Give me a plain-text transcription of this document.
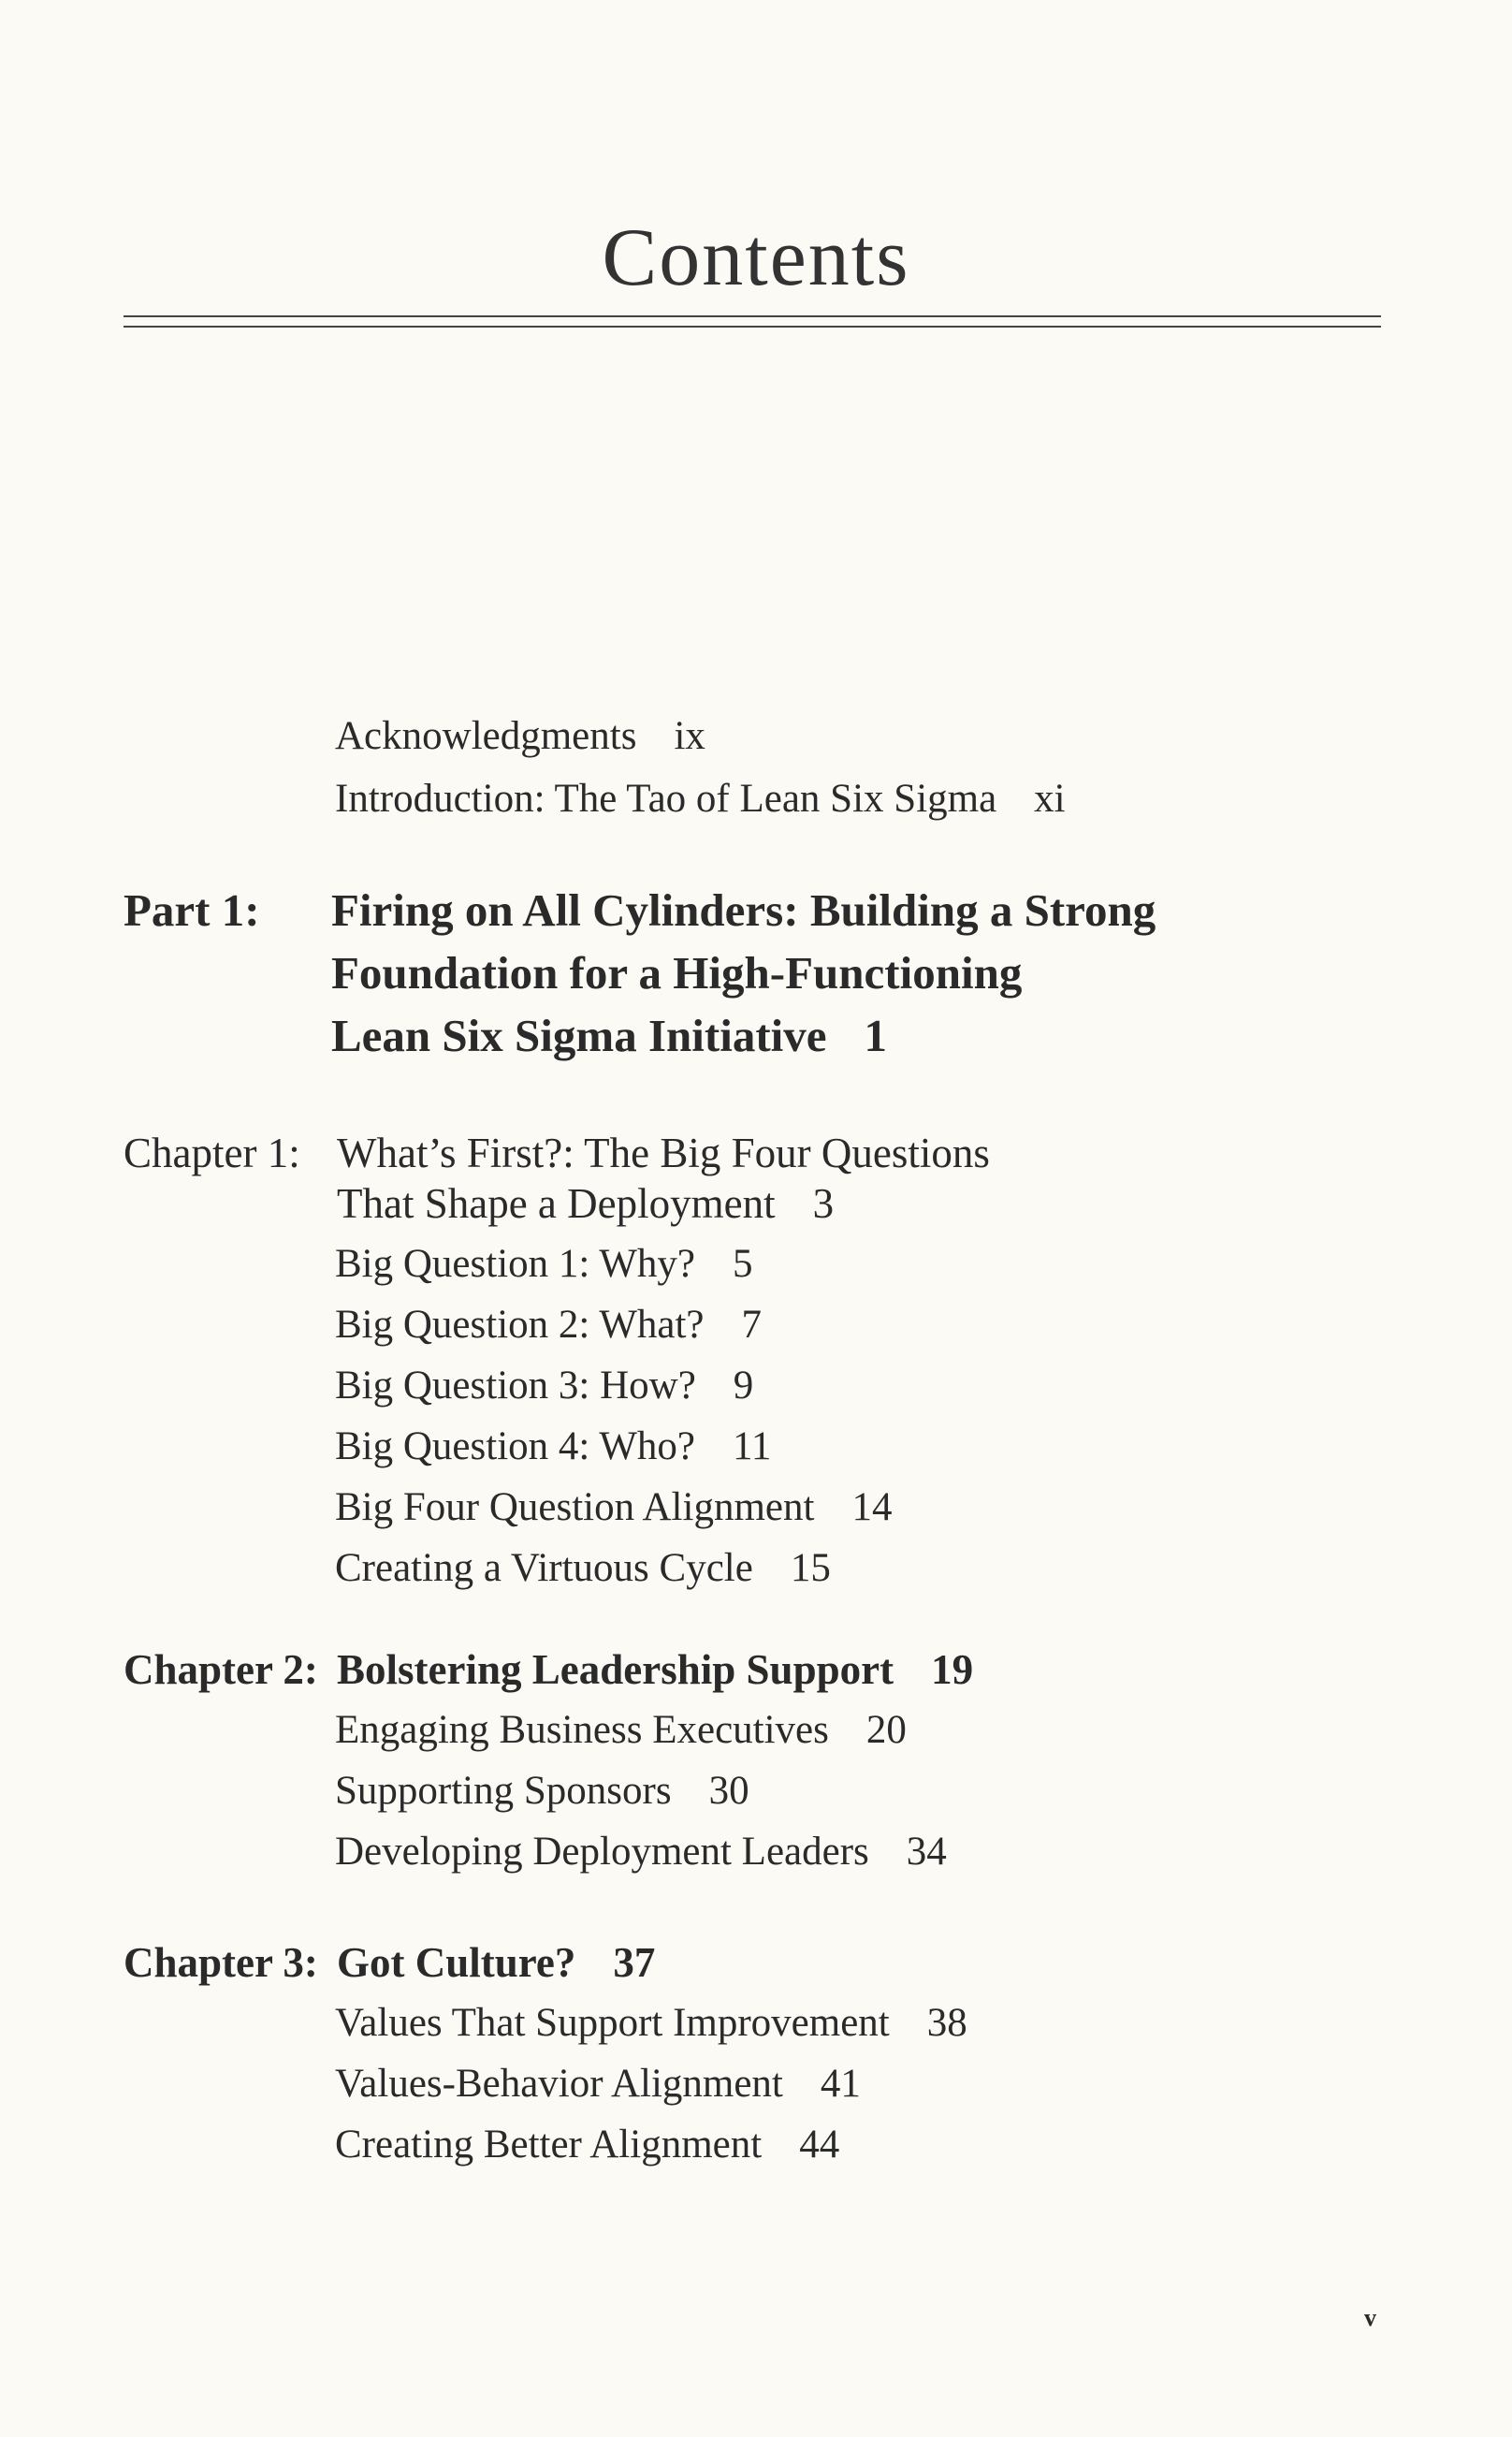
Contents
Acknowledgments ix
Introduction: The Tao of Lean Six Sigma xi
Part 1: Firing on All Cylinders: Building a Strong
Foundation for a High-Functioning
Lean Six Sigma Initiative 1
Chapter 1: What’s First?: The Big Four Questions
That Shape a Deployment 3
Big Question 1: Why? 5
Big Question 2: What? 7
Big Question 3: How? 9
Big Question 4: Who? 11
Big Four Question Alignment 14
Creating a Virtuous Cycle 15
Chapter 2: Bolstering Leadership Support 19
Engaging Business Executives 20
Supporting Sponsors 30
Developing Deployment Leaders 34
Chapter 3: Got Culture? 37
Values That Support Improvement 38
Values-Behavior Alignment 41
Creating Better Alignment 44
v
